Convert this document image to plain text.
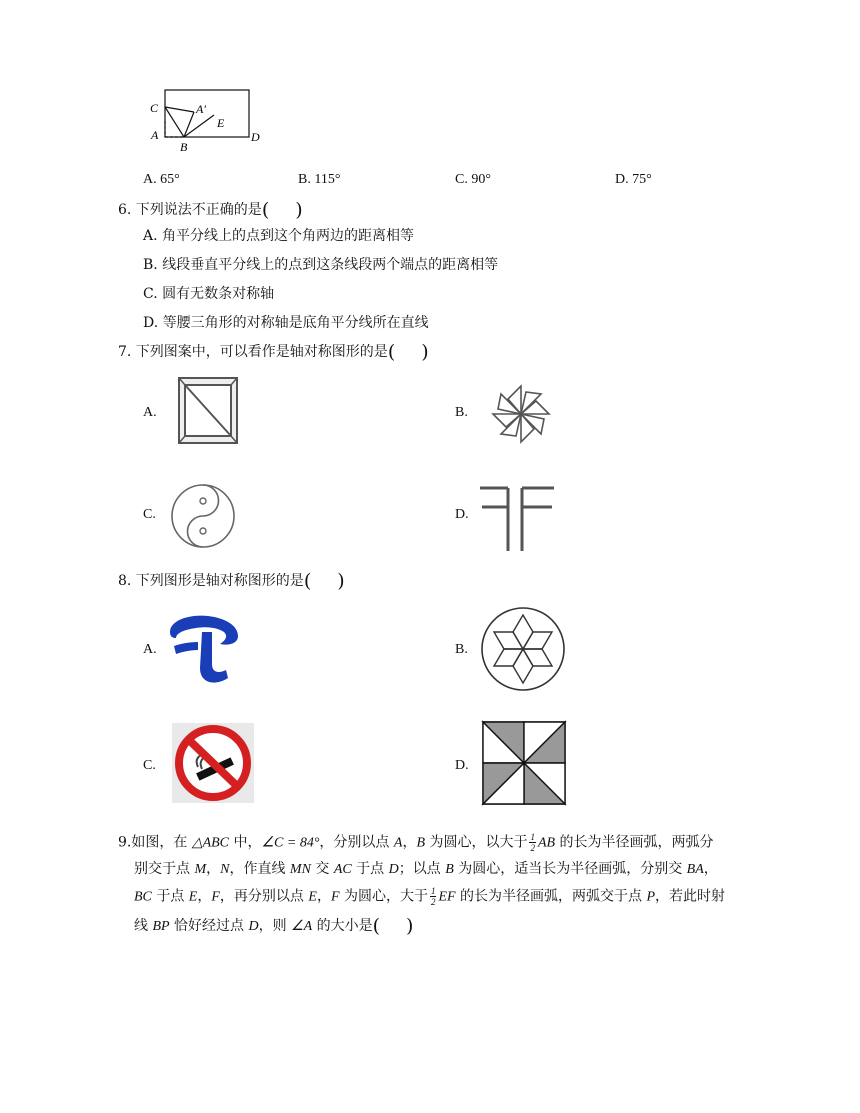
C
A
B
A′
E
D
A. 65°	B. 115°	C. 90°	D. 75°
6. 下列说法不正确的是( )
A. 角平分线上的点到这个角两边的距离相等
B. 线段垂直平分线上的点到这条线段两个端点的距离相等
C. 圆有无数条对称轴
D. 等腰三角形的对称轴是底角平分线所在直线
7. 下列图案中，可以看作是轴对称图形的是( )
A.	B.
C.	D.
8. 下列图形是轴对称图形的是( )
A.	B.
C.	D.
9.如图，在 △ABC 中，∠C = 84°，分别以点 A，B 为圆心，以大于 $\frac{1}{2}$ AB 的长为半径画弧，两弧分
别交于点 M，N，作直线 MN 交 AC 于点 D；以点 B 为圆心，适当长为半径画弧，分别交 BA，
BC 于点 E，F，再分别以点 E，F 为圆心，大于 $\frac{1}{2}$ EF 的长为半径画弧，两弧交于点 P，若此时射
线 BP 恰好经过点 D，则 ∠A 的大小是( )
